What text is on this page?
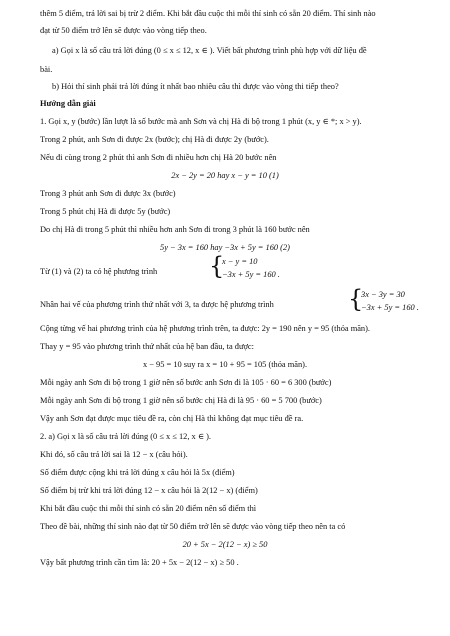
thêm 5 điểm, trả lời sai bị trừ 2 điểm. Khi bắt đầu cuộc thi mỗi thí sinh có sẵn 20 điểm. Thí sinh nào
đạt từ 50 điểm trở lên sẽ được vào vòng tiếp theo.
a) Gọi x là số câu trả lời đúng (0 ≤ x ≤ 12, x ∈ ). Viết bất phương trình phù hợp với dữ liệu đề
bài.
b) Hỏi thí sinh phải trả lời đúng ít nhất bao nhiêu câu thì được vào vòng thi tiếp theo?
Hướng dẫn giải
1. Gọi x, y (bước) lần lượt là số bước mà anh Sơn và chị Hà đi bộ trong 1 phút (x, y ∈ *; x > y).
Trong 2 phút, anh Sơn đi được 2x (bước); chị Hà đi được 2y (bước).
Nếu đi cùng trong 2 phút thì anh Sơn đi nhiều hơn chị Hà 20 bước nên
2x − 2y = 20 hay x − y = 10 (1)
Trong 3 phút anh Sơn đi được 3x (bước)
Trong 5 phút chị Hà đi được 5y (bước)
Do chị Hà đi trong 5 phút thì nhiều hơn anh Sơn đi trong 3 phút là 160 bước nên
5y − 3x = 160 hay −3x + 5y = 160 (2)
Từ (1) và (2) ta có hệ phương trình {
x − y = 10
−3x + 5y = 160 .
Nhân hai vế của phương trình thứ nhất với 3, ta được hệ phương trình	{
3x − 3y = 30
−3x + 5y = 160 .
Cộng từng vế hai phương trình của hệ phương trình trên, ta được: 2y = 190 nên y = 95 (thỏa mãn).
Thay y = 95 vào phương trình thứ nhất của hệ ban đầu, ta được:
x − 95 = 10 suy ra x = 10 + 95 = 105 (thỏa mãn).
Mỗi ngày anh Sơn đi bộ trong 1 giờ nên số bước anh Sơn đi là 105 · 60 = 6 300 (bước)
Mỗi ngày anh Sơn đi bộ trong 1 giờ nên số bước chị Hà đi là 95 · 60 = 5 700 (bước)
Vậy anh Sơn đạt được mục tiêu đề ra, còn chị Hà thì không đạt mục tiêu đề ra.
2. a) Gọi x là số câu trả lời đúng (0 ≤ x ≤ 12, x ∈ ).
Khi đó, số câu trả lời sai là 12 − x (câu hỏi).
Số điểm được cộng khi trả lời đúng x câu hỏi là 5x (điểm)
Số điểm bị trừ khi trả lời đúng 12 − x câu hỏi là 2(12 − x) (điểm)
Khi bắt đầu cuộc thi mỗi thí sinh có sẵn 20 điểm nên số điểm thì
Theo đề bài, những thí sinh nào đạt từ 50 điểm trở lên sẽ được vào vòng tiếp theo nên ta có
20 + 5x − 2(12 − x) ≥ 50
Vậy bất phương trình cần tìm là: 20 + 5x − 2(12 − x) ≥ 50 .
